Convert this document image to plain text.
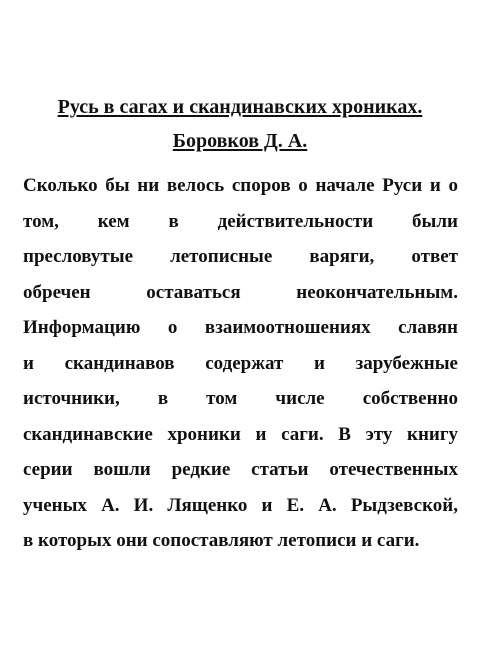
Русь в сагах и скандинавских хрониках.
Боровков Д. А.
Сколько бы ни велось споров о начале Руси и о
том, кем в действительности были
пресловутые летописные варяги, ответ
обречен оставаться неокончательным.
Информацию о взаимоотношениях славян
и скандинавов содержат и зарубежные
источники, в том числе собственно
скандинавские хроники и саги. В эту книгу
серии вошли редкие статьи отечественных
ученых А. И. Лященко и Е. А. Рыдзевской,
в которых они сопоставляют летописи и саги.
